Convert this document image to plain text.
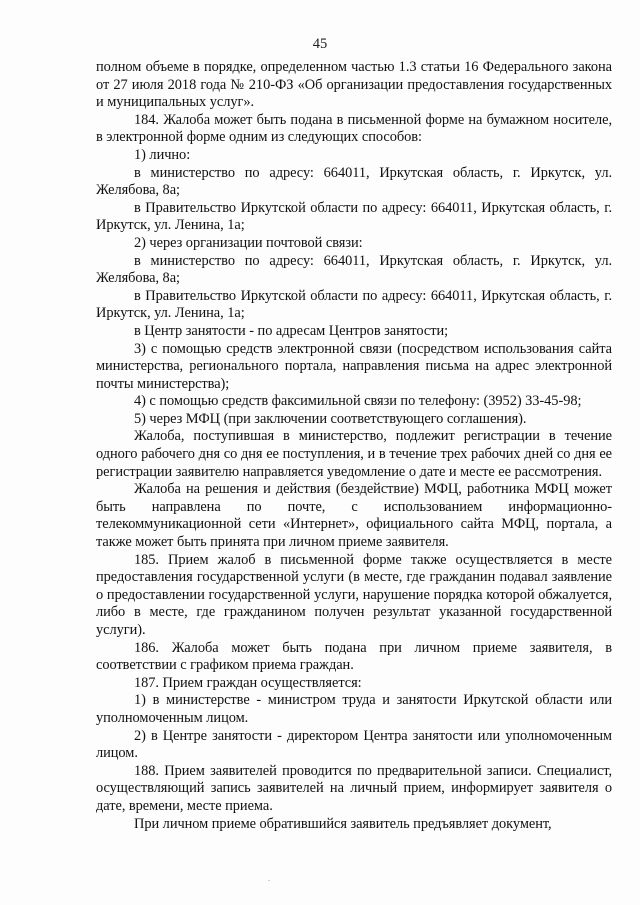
45

полном объеме в порядке, определенном частью 1.3 статьи 16 Федерального закона от 27 июля 2018 года № 210-ФЗ «Об организации предоставления государственных и муниципальных услуг».

184. Жалоба может быть подана в письменной форме на бумажном носителе, в электронной форме одним из следующих способов:

1) лично:

в министерство по адресу: 664011, Иркутская область, г. Иркутск, ул. Желябова, 8а;

в Правительство Иркутской области по адресу: 664011, Иркутская область, г. Иркутск, ул. Ленина, 1а;

2) через организации почтовой связи:

в министерство по адресу: 664011, Иркутская область, г. Иркутск, ул. Желябова, 8а;

в Правительство Иркутской области по адресу: 664011, Иркутская область, г. Иркутск, ул. Ленина, 1а;

в Центр занятости - по адресам Центров занятости;

3) с помощью средств электронной связи (посредством использования сайта министерства, регионального портала, направления письма на адрес электронной почты министерства);

4) с помощью средств факсимильной связи по телефону: (3952) 33-45-98;

5) через МФЦ (при заключении соответствующего соглашения).

Жалоба, поступившая в министерство, подлежит регистрации в течение одного рабочего дня со дня ее поступления, и в течение трех рабочих дней со дня ее регистрации заявителю направляется уведомление о дате и месте ее рассмотрения.

Жалоба на решения и действия (бездействие) МФЦ, работника МФЦ может быть направлена по почте, с использованием информационно-телекоммуникационной сети «Интернет», официального сайта МФЦ, портала, а также может быть принята при личном приеме заявителя.

185. Прием жалоб в письменной форме также осуществляется в месте предоставления государственной услуги (в месте, где гражданин подавал заявление о предоставлении государственной услуги, нарушение порядка которой обжалуется, либо в месте, где гражданином получен результат указанной государственной услуги).

186. Жалоба может быть подана при личном приеме заявителя, в соответствии с графиком приема граждан.

187. Прием граждан осуществляется:

1) в министерстве - министром труда и занятости Иркутской области или уполномоченным лицом.

2) в Центре занятости - директором Центра занятости или уполномоченным лицом.

188. Прием заявителей проводится по предварительной записи. Специалист, осуществляющий запись заявителей на личный прием, информирует заявителя о дате, времени, месте приема.

При личном приеме обратившийся заявитель предъявляет документ,
